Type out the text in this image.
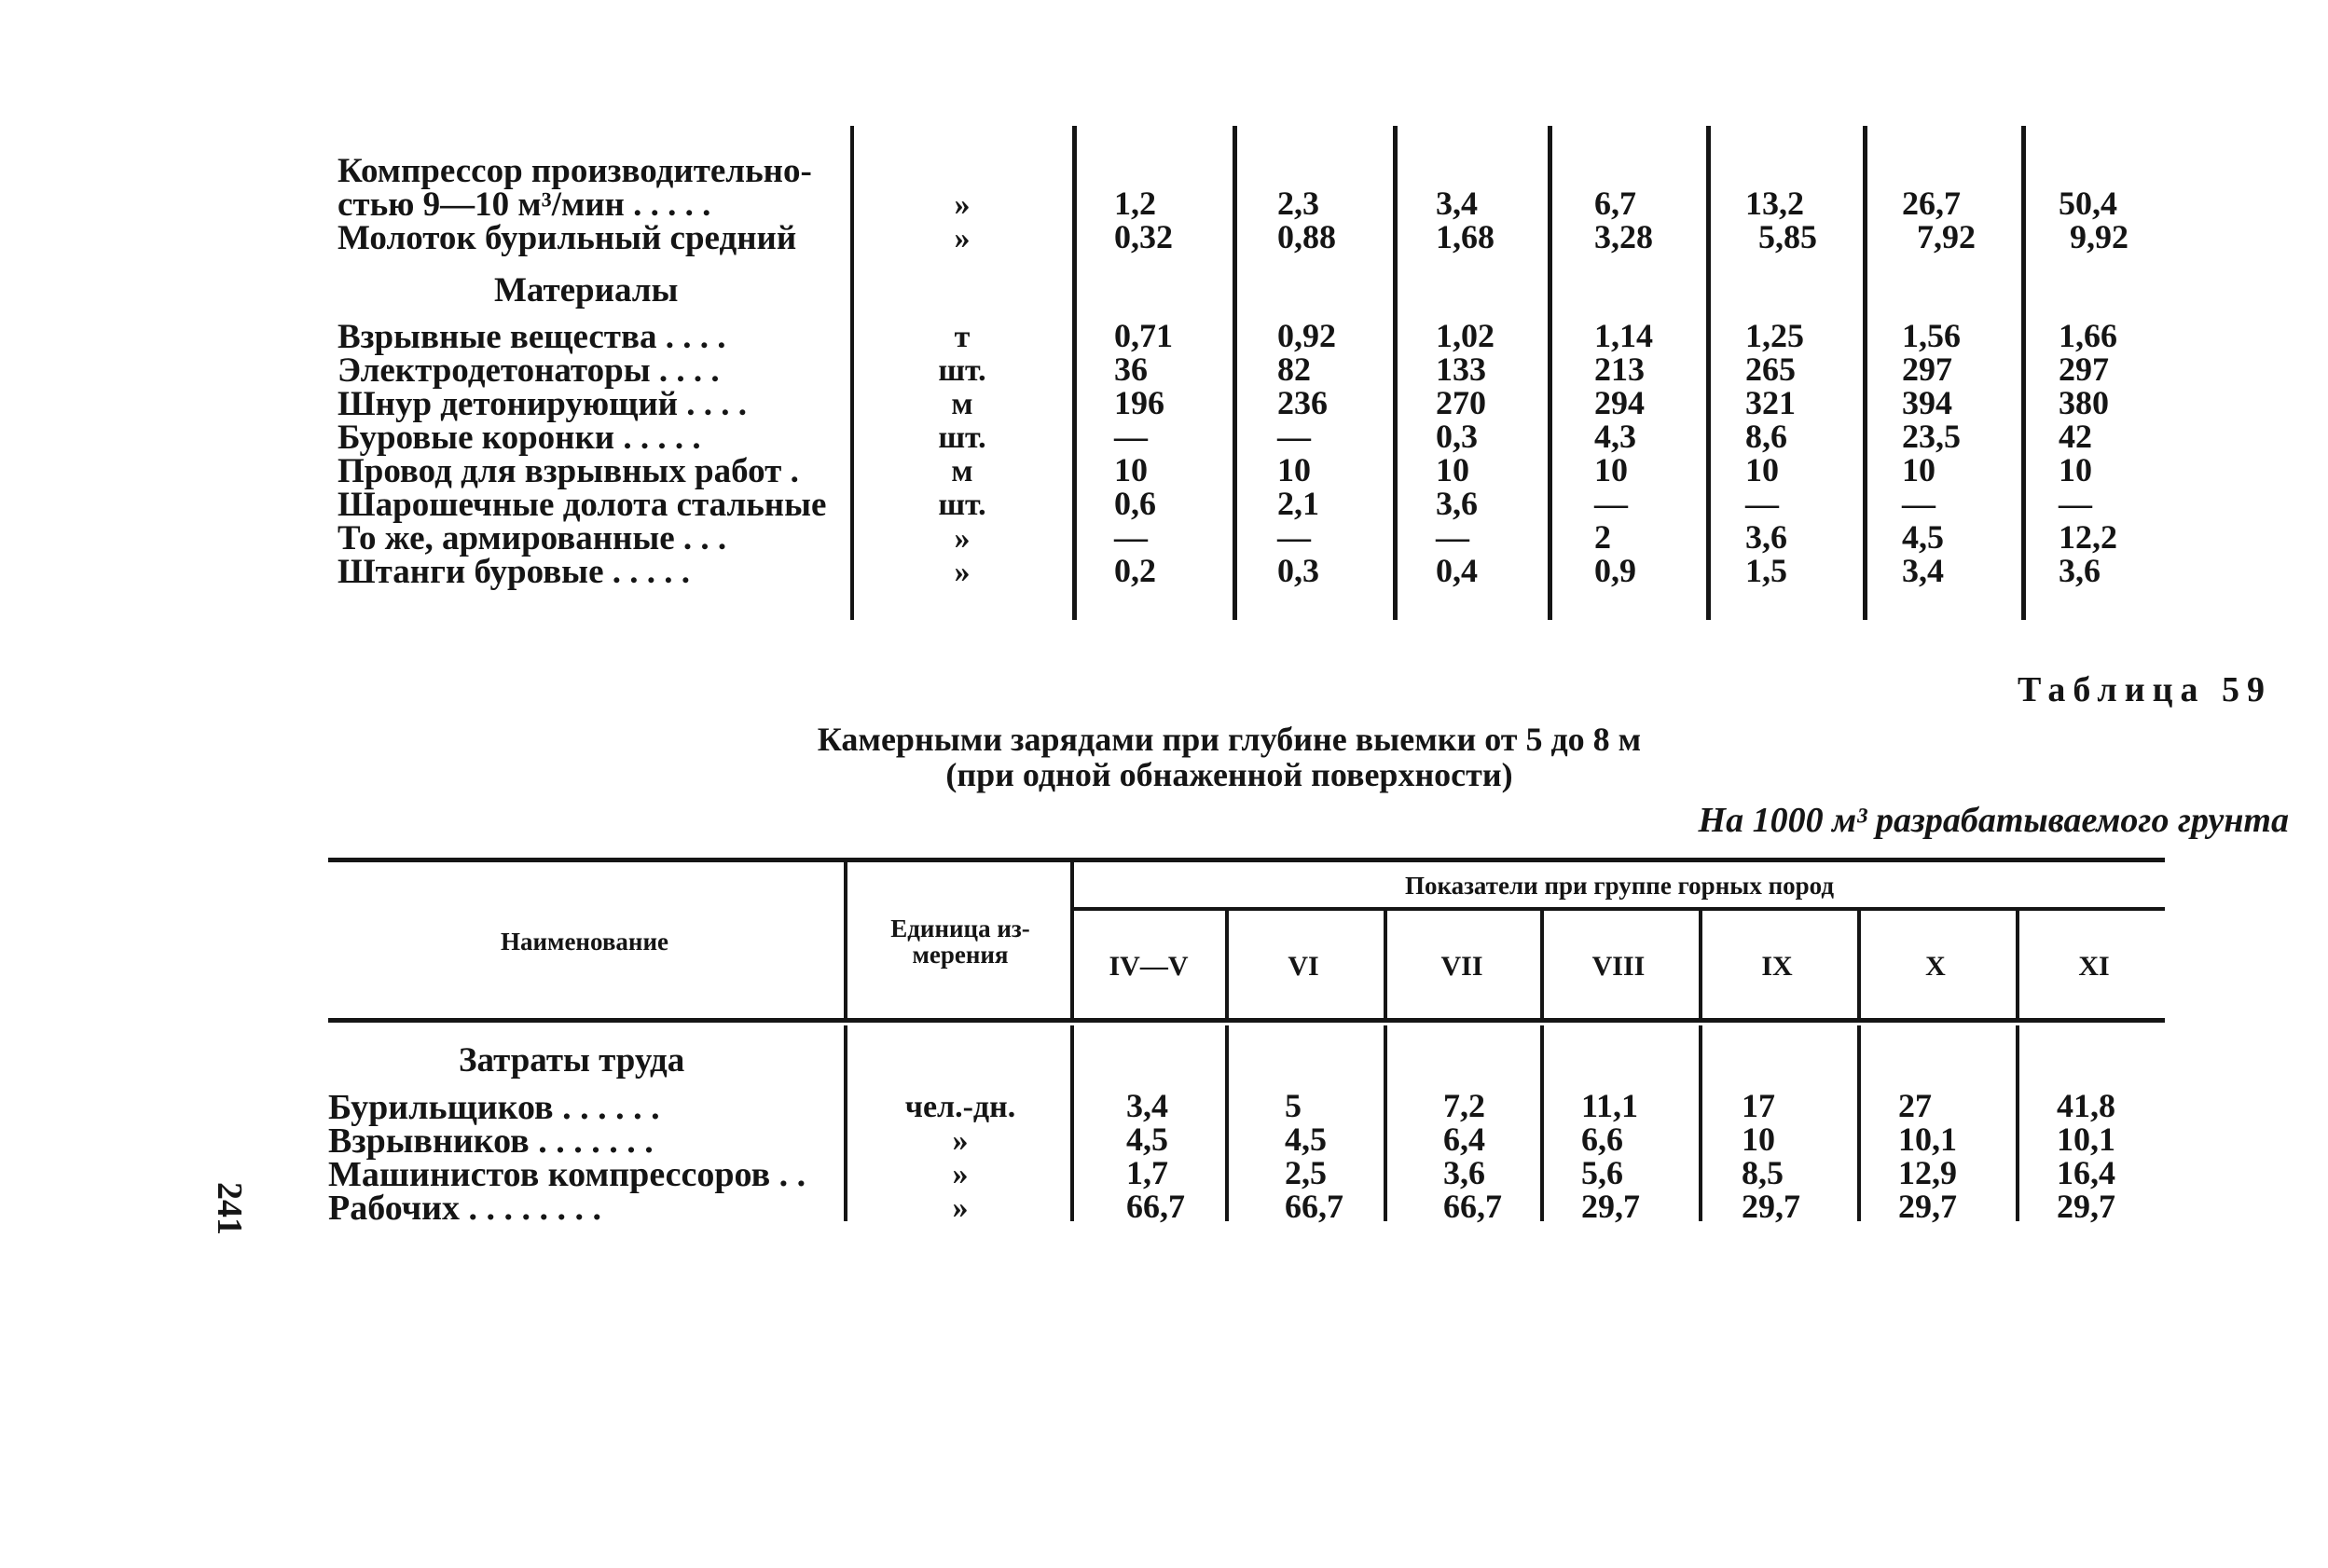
Компрессор производительно-
стью 9—10 м³/мин . . . . .	»	1,2	2,3	3,4	6,7	13,2	26,7	50,4
Молоток бурильный средний	»	0,32	0,88	1,68	3,28	5,85	7,92	9,92
Материалы
Взрывные вещества . . . .	т	0,71	0,92	1,02	1,14	1,25	1,56	1,66
Электродетонаторы . . . .	шт.	36	82	133	213	265	297	297
Шнур детонирующий . . . .	м	196	236	270	294	321	394	380
Буровые коронки . . . . .	шт.	—	—	0,3	4,3	8,6	23,5	42
Провод для взрывных работ .	м	10	10	10	10	10	10	10
Шарошечные долота стальные	шт.	0,6	2,1	3,6	—	—	—	—
То же, армированные . . .	»	—	—	—	2	3,6	4,5	12,2
Штанги буровые . . . . .	»	0,2	0,3	0,4	0,9	1,5	3,4	3,6
Таблица 59
Камерными зарядами при глубине выемки от 5 до 8 м
(при одной обнаженной поверхности)
На 1000 м³ разрабатываемого грунта
Наименование	Единица из-
мерения
Показатели при группе горных пород
IV—V	VI	VII	VIII	IX	X	XI
Затраты труда
Бурильщиков . . . . . .	чел.-дн.	3,4	5	7,2	11,1	17	27	41,8
Взрывников . . . . . . .	»	4,5	4,5	6,4	6,6	10	10,1	10,1
Машинистов компрессоров . .	»	1,7	2,5	3,6	5,6	8,5	12,9	16,4
Рабочих . . . . . . . .	»	66,7	66,7	66,7 29,7	29,7	29,7	29,7
241
